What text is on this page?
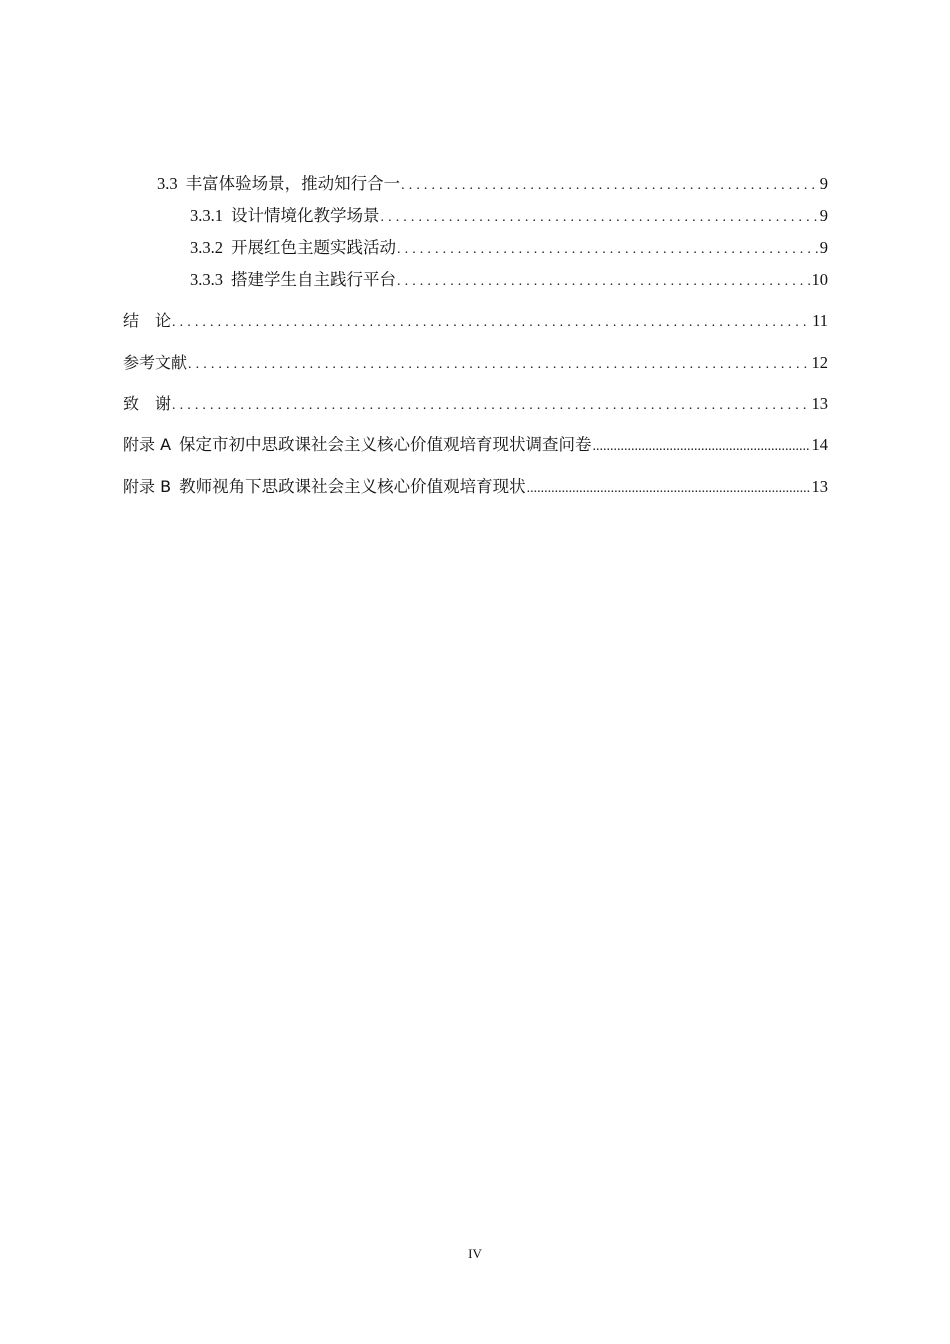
3.3 丰富体验场景，推动知行合一 . . .	9
3.3.1 设计情境化教学场景 . . .	9
3.3.2 开展红色主题实践活动 . . .	9
3.3.3 搭建学生自主践行平台 . . .	10
结　论 . . .	11
参考文献 . . .	12
致　谢 . . .	13
附录 A 保定市初中思政课社会主义核心价值观培育现状调查问卷 .....	14
附录 B 教师视角下思政课社会主义核心价值观培育现状 .....	13
IV
